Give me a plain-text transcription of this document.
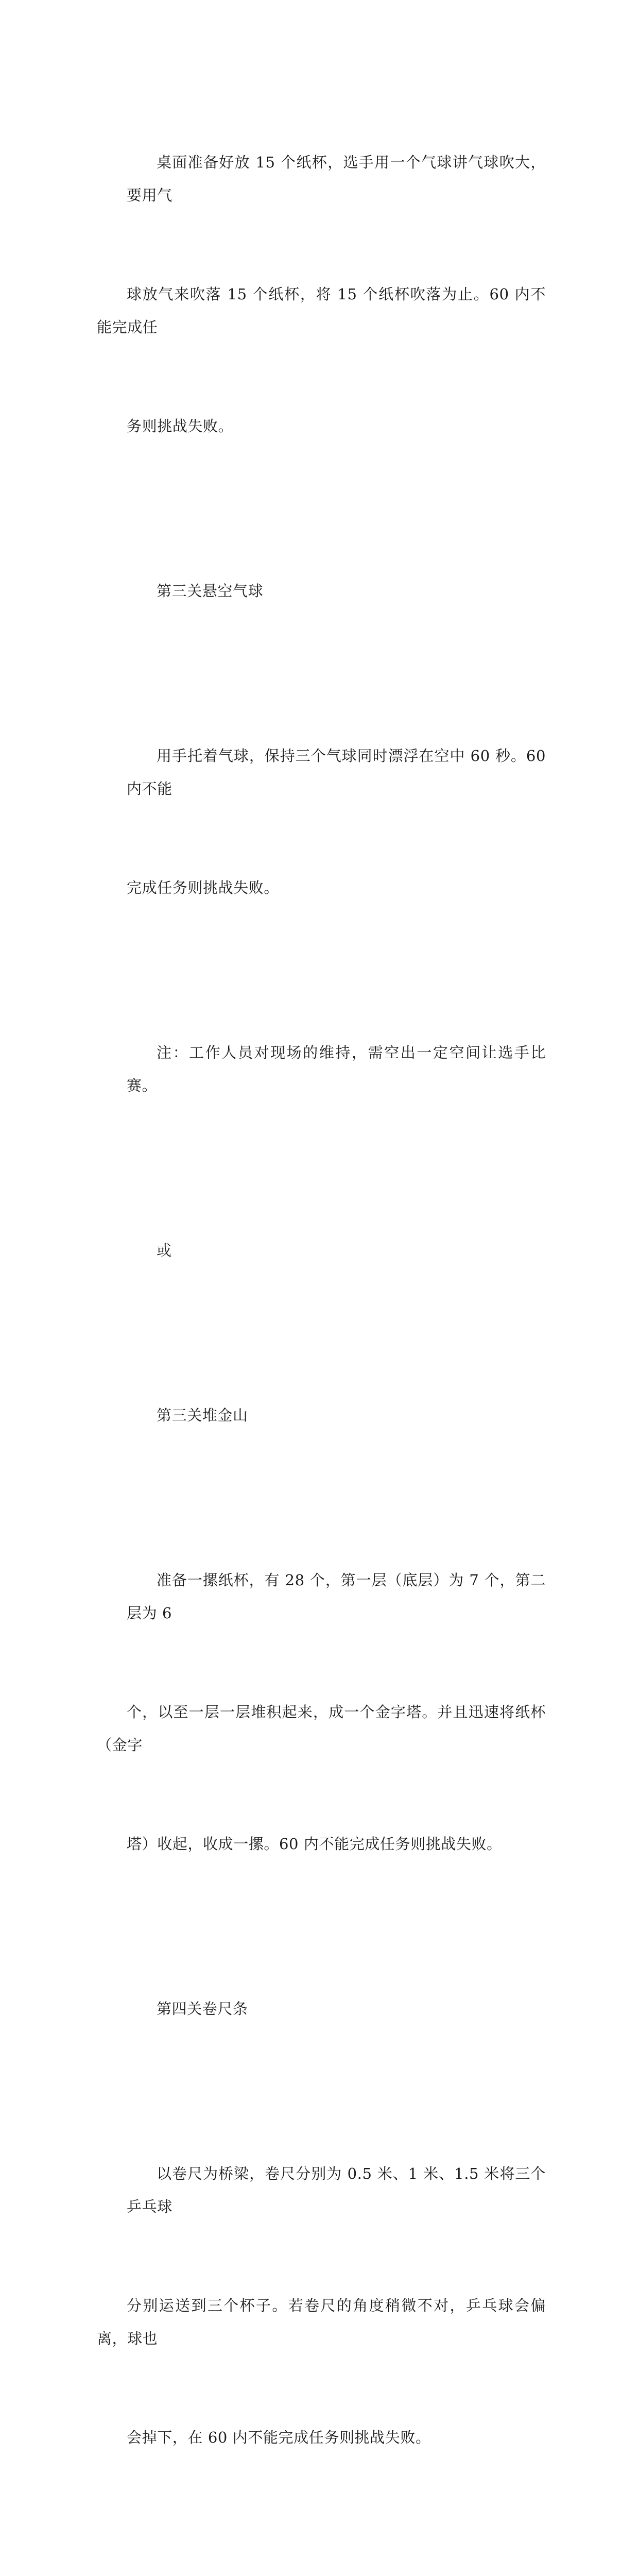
桌面准备好放 15 个纸杯，选手用一个气球讲气球吹大，要用气

球放气来吹落 15 个纸杯，将 15 个纸杯吹落为止。60 内不能完成任

务则挑战失败。

第三关悬空气球

用手托着气球，保持三个气球同时漂浮在空中 60 秒。60 内不能

完成任务则挑战失败。

注：工作人员对现场的维持，需空出一定空间让选手比赛。

或

第三关堆金山

准备一摞纸杯，有 28 个，第一层（底层）为 7 个，第二层为 6

个，以至一层一层堆积起来，成一个金字塔。并且迅速将纸杯（金字

塔）收起，收成一摞。60 内不能完成任务则挑战失败。

第四关卷尺条

以卷尺为桥梁，卷尺分别为 0.5 米、1 米、1.5 米将三个乒乓球

分别运送到三个杯子。若卷尺的角度稍微不对，乒乓球会偏离，球也

会掉下，在 60 内不能完成任务则挑战失败。
